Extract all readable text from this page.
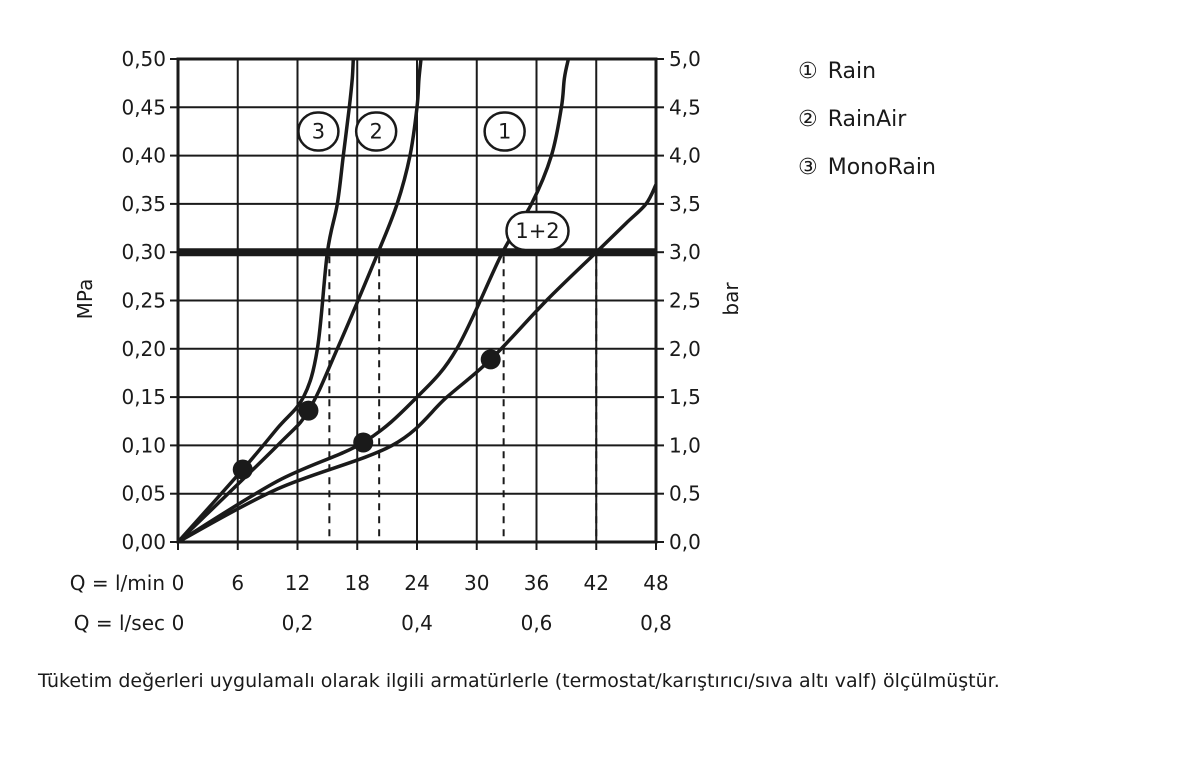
3 2	1
1+2
0,00
0,05
0,10
0,15
0,20
0,25
0,30
0,35
0,40
0,45
0,50
0,0
0,5
1,0
1,5
2,0
2,5
3,0
3,5
4,0
4,5
5,0
0 6 12 18 24 30 36 42 48
0	0,2	0,4	0,6	0,8
MPa	bar
Q = l/min
Q = l/sec
① Rain
② RainAir
③ MonoRain
Tüketim değerleri uygulamalı olarak ilgili armatürlerle (termostat/karıştırıcı/sıva altı valf) ölçülmüştür.
